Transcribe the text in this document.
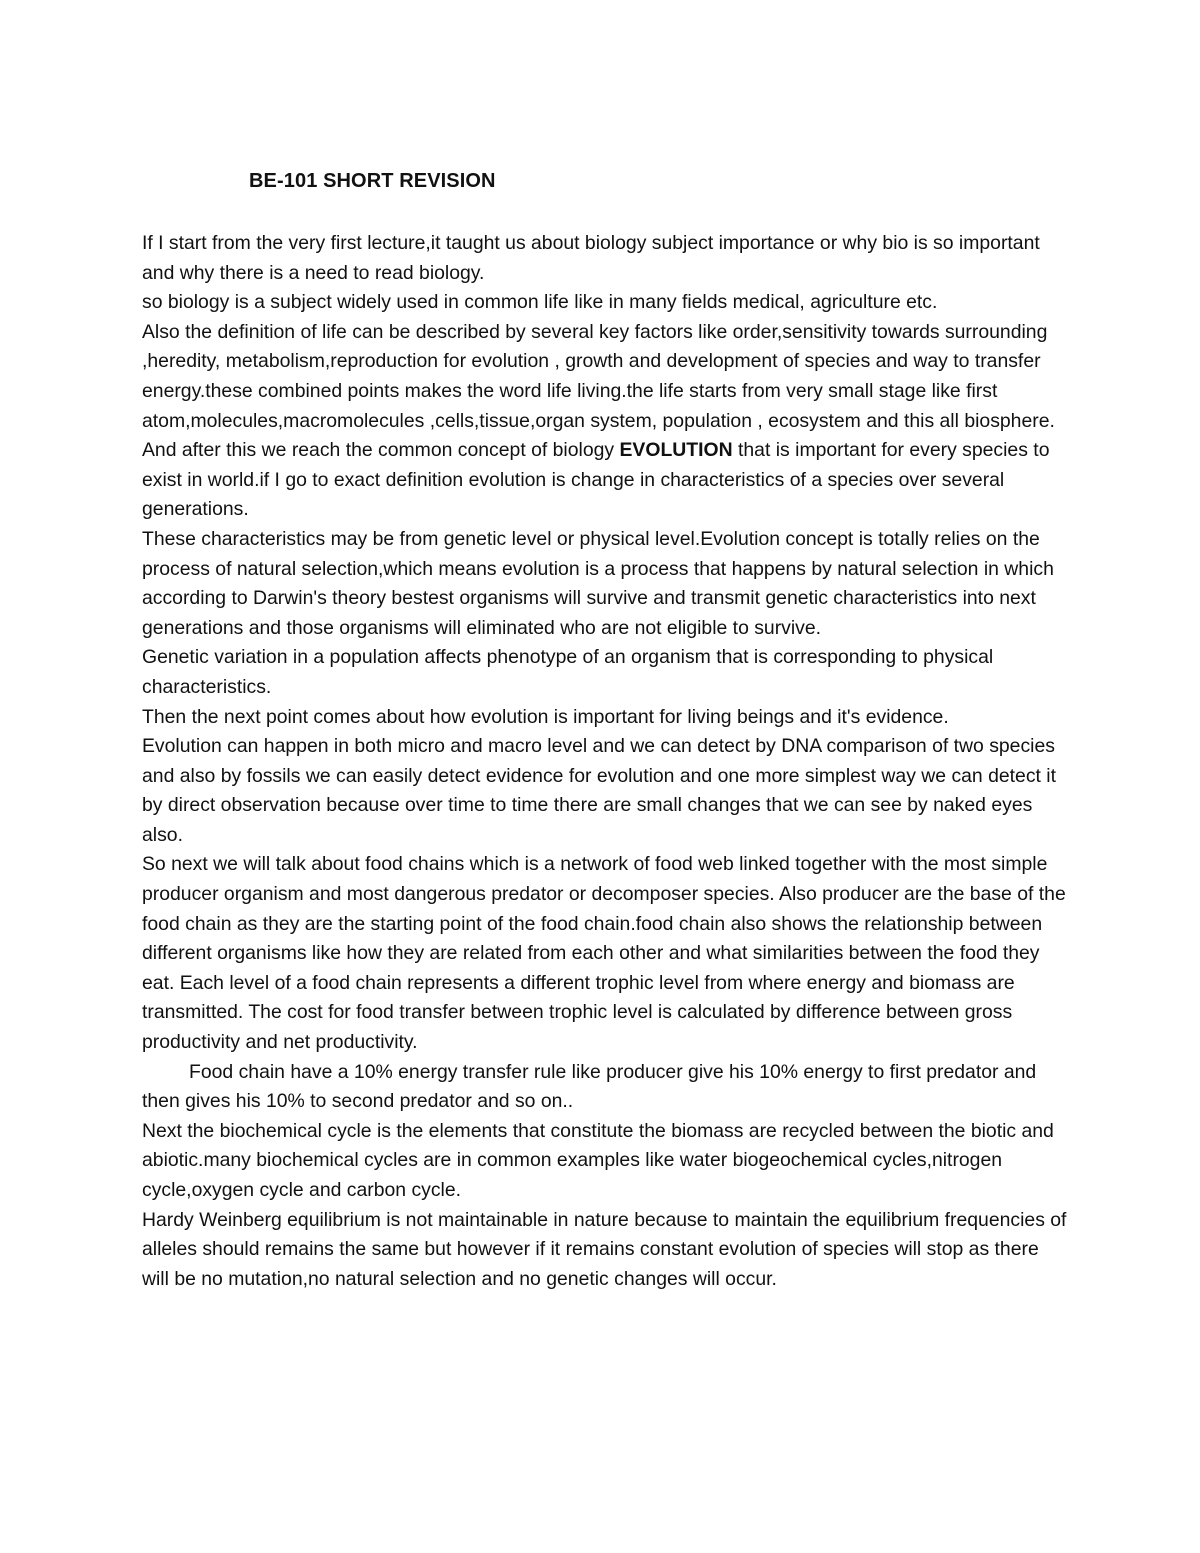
BE-101 SHORT REVISION

If I start from the very first lecture,it taught us about biology subject importance or why bio is so important and why there is a need to read biology.

so biology is a subject widely used in common life like in many fields medical, agriculture etc.

Also the definition of life can be described by several key factors like order,sensitivity towards surrounding ,heredity, metabolism,reproduction for evolution , growth and development of species and way to transfer energy.these combined points makes the word life living.the life starts from very small stage like first atom,molecules,macromolecules ,cells,tissue,organ system, population , ecosystem and this all biosphere.

And after this we reach the common concept of biology EVOLUTION that is important for every species to exist in world.if I go to exact definition evolution is change in characteristics of a species over several generations.

These characteristics may be from genetic level or physical level.Evolution concept is totally relies on the process of natural selection,which means evolution is a process that happens by natural selection in which according to Darwin's theory bestest organisms will survive and transmit genetic characteristics into next generations and those organisms will eliminated who are not eligible to survive.

Genetic variation in a population affects phenotype of an organism that is corresponding to physical characteristics.

Then the next point comes about how evolution is important for living beings and it's evidence.

Evolution can happen in both micro and macro level and we can detect by DNA comparison of two species and also by fossils we can easily detect evidence for evolution and one more simplest way we can detect it by direct observation because over time to time there are small changes that we can see by naked eyes also.

So next we will talk about food chains which is a network of food web linked together with the most simple producer organism and most dangerous predator or decomposer species. Also producer are the base of the food chain as they are the starting point of the food chain.food chain also shows the relationship between different organisms like how they are related from each other and what similarities between the food they eat. Each level of a food chain represents a different trophic level from where energy and biomass are transmitted. The cost for food transfer between trophic level is calculated by difference between gross productivity and net productivity.

Food chain have a 10% energy transfer rule like producer give his 10% energy to first predator and then gives his 10% to second predator and so on..

Next the biochemical cycle is the elements that constitute the biomass are recycled between the biotic and abiotic.many biochemical cycles are in common examples like water biogeochemical cycles,nitrogen cycle,oxygen cycle and carbon cycle.

Hardy Weinberg equilibrium is not maintainable in nature because to maintain the equilibrium frequencies of alleles should remains the same but however if it remains constant evolution of species will stop as there will be no mutation,no natural selection and no genetic changes will occur.
